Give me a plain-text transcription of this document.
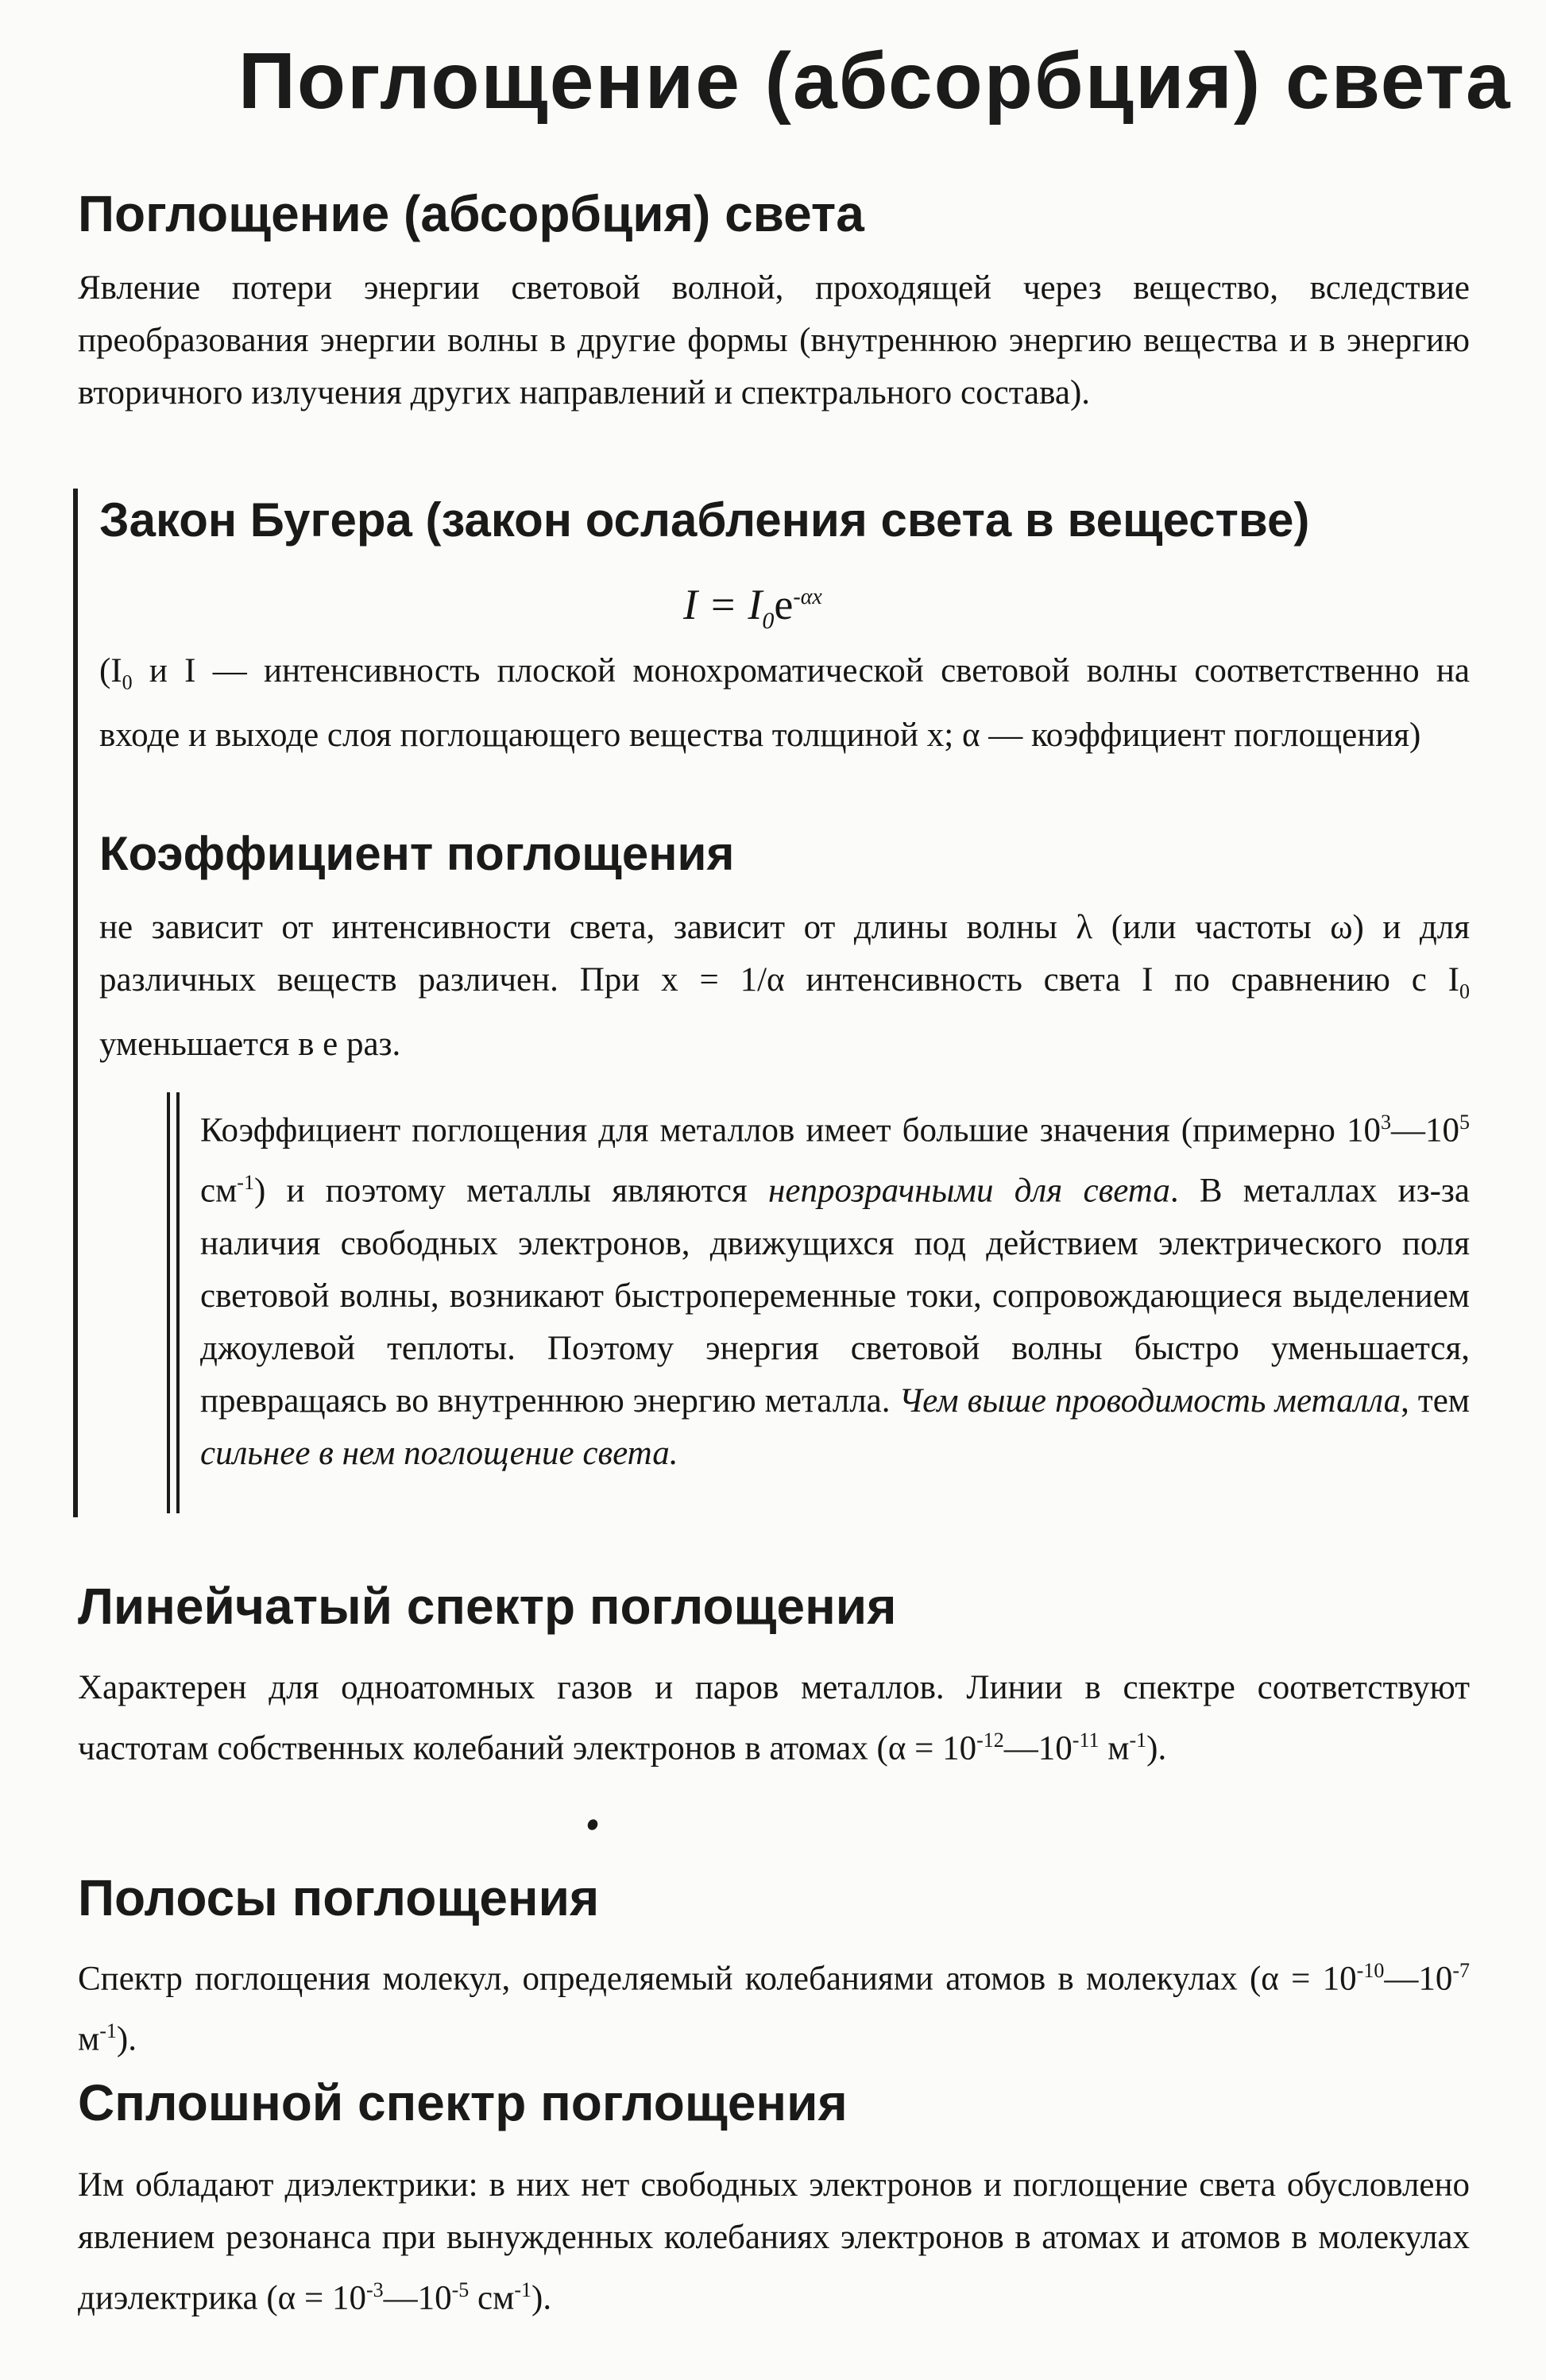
Поглощение (абсорбция) света
Поглощение (абсорбция) света

Явление потери энергии световой волной, проходящей через вещество, вследствие преобразования энергии волны в другие формы (внутреннюю энергию вещества и в энергию вторичного излучения других направлений и спектрального состава).

Закон Бугера (закон ослабления света в веществе)
$I = I_0e^{-\alpha x}$

($I_0$ и I — интенсивность плоской монохроматической световой волны соответственно на входе и выходе слоя поглощающего вещества толщиной x; α — коэффициент поглощения)

Коэффициент поглощения

не зависит от интенсивности света, зависит от длины волны λ (или частоты ω) и для различных веществ различен. При x = 1/α интенсивность света I по сравнению с $I_0$ уменьшается в е раз.

Коэффициент поглощения для металлов имеет большие значения (примерно $10^3—10^5$ $см^{-1}$) и поэтому металлы являются непрозрачными для света. В металлах из-за наличия свободных электронов, движущихся под действием электрического поля световой волны, возникают быстропеременные токи, сопровождающиеся выделением джоулевой теплоты. Поэтому энергия световой волны быстро уменьшается, превращаясь во внутреннюю энергию металла. Чем выше проводимость металла, тем сильнее в нем поглощение света.

Линейчатый спектр поглощения

Характерен для одноатомных газов и паров металлов. Линии в спектре соответствуют частотам собственных колебаний электронов в атомах ($\alpha = 10^{-12}—10^{-11}$ $м^{-1}$).

Полосы поглощения

Спектр поглощения молекул, определяемый колебаниями атомов в молекулах ($\alpha = 10^{-10}—10^{-7}$ $м^{-1}$).

Сплошной спектр поглощения

Им обладают диэлектрики: в них нет свободных электронов и поглощение света обусловлено явлением резонанса при вынужденных колебаниях электронов в атомах и атомов в молекулах диэлектрика ($\alpha = 10^{-3}—10^{-5}$ $см^{-1}$).
